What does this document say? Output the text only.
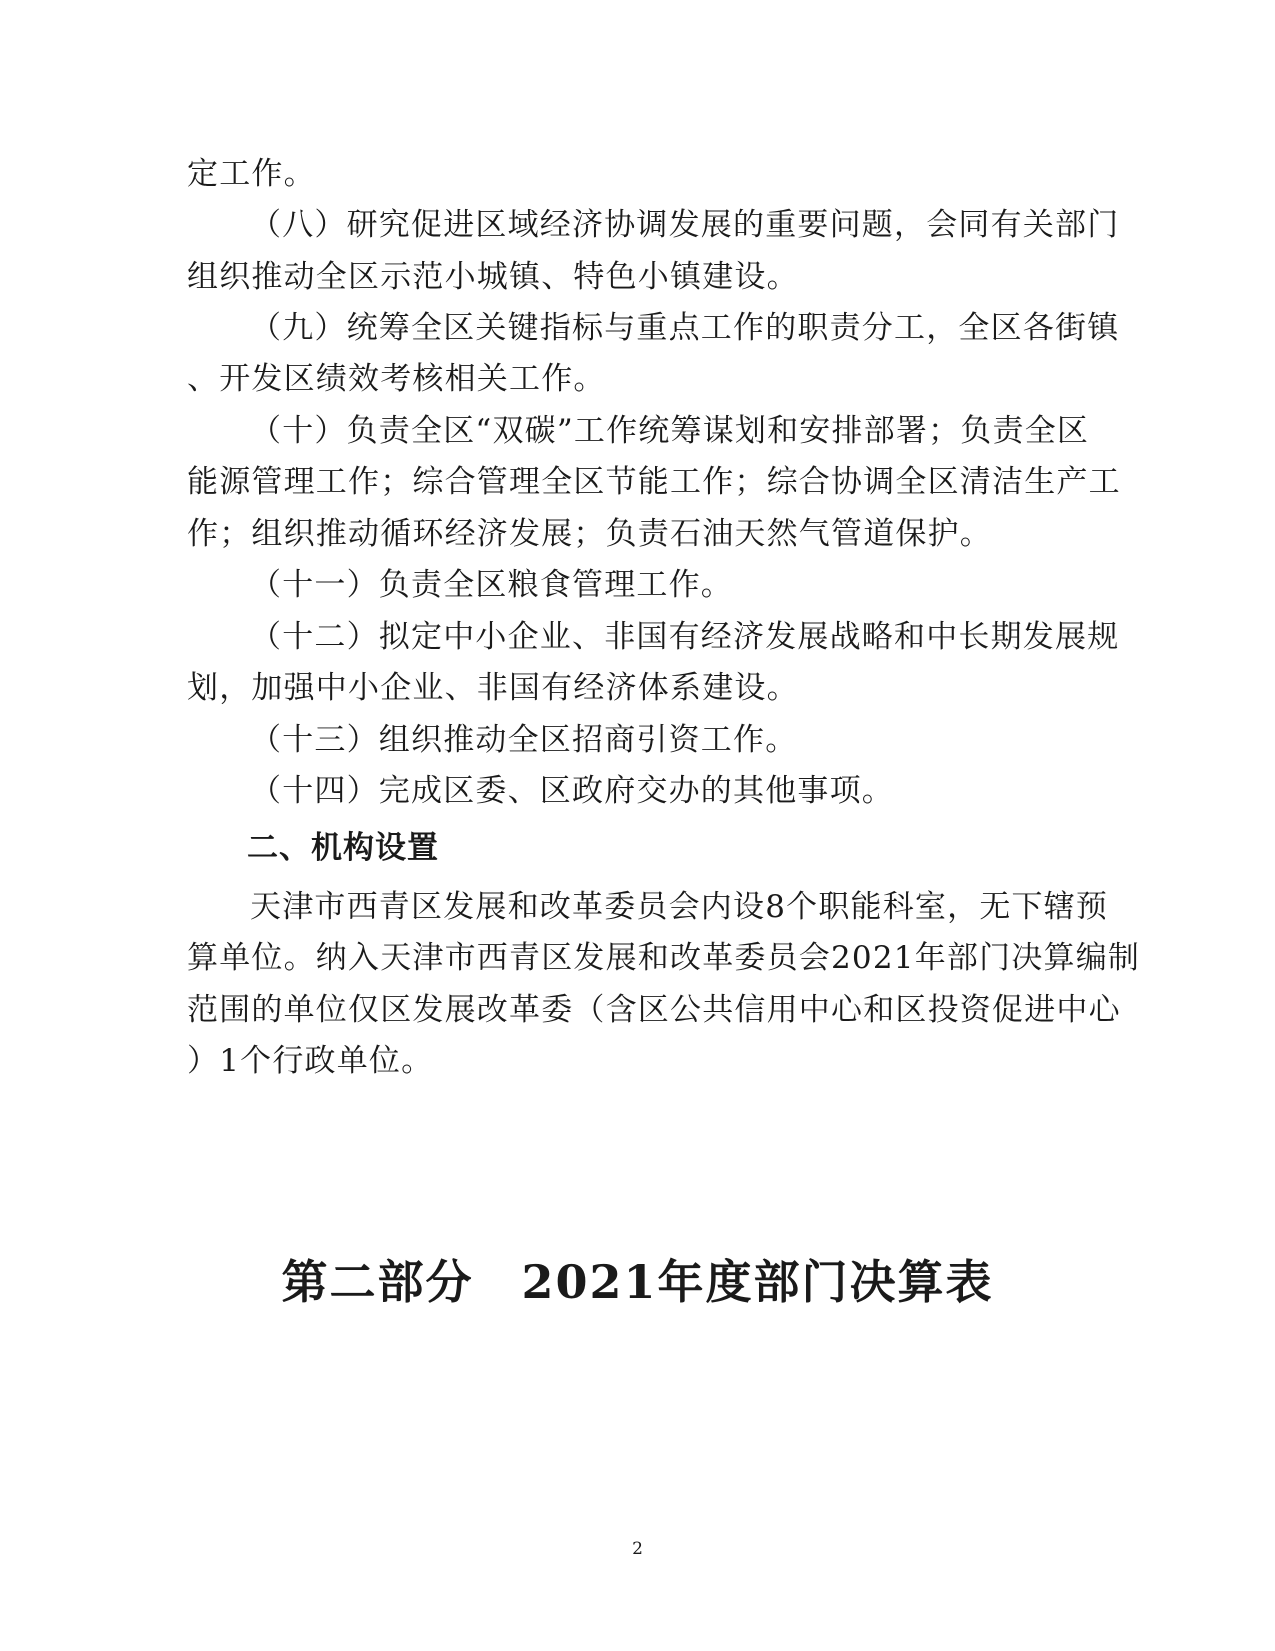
定工作。
（八）研究促进区域经济协调发展的重要问题，会同有关部门
组织推动全区示范小城镇、特色小镇建设。
（九）统筹全区关键指标与重点工作的职责分工，全区各街镇
、开发区绩效考核相关工作。
（十）负责全区“双碳”工作统筹谋划和安排部署；负责全区
能源管理工作；综合管理全区节能工作；综合协调全区清洁生产工
作；组织推动循环经济发展；负责石油天然气管道保护。
（十一）负责全区粮食管理工作。
（十二）拟定中小企业、非国有经济发展战略和中长期发展规
划，加强中小企业、非国有经济体系建设。
（十三）组织推动全区招商引资工作。
（十四）完成区委、区政府交办的其他事项。
二、机构设置
天津市西青区发展和改革委员会内设8个职能科室，无下辖预
算单位。纳入天津市西青区发展和改革委员会2021年部门决算编制
范围的单位仅区发展改革委（含区公共信用中心和区投资促进中心
）1个行政单位。
第二部分　2021年度部门决算表
2
